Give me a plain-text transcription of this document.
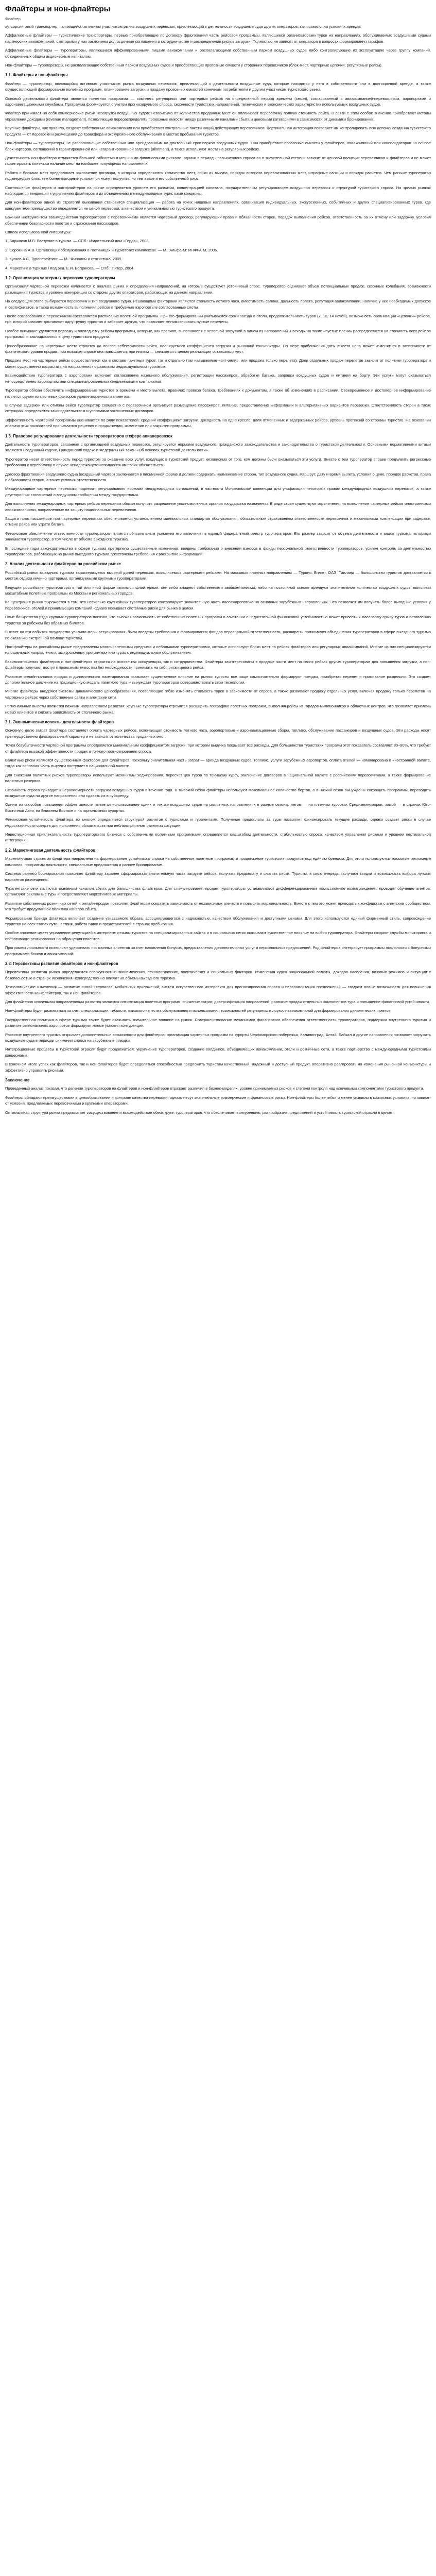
Флайтеры и нон-флайтеры
Флайтер

аутсорсинговый транспортер, являющийся активным участником рынка воздушных перевозок, привлекающий к деятельности воздушные суда других операторов, как правило, на условиях аренды.

Аффилиатные флайтеры — туристические транспортеры, первые приобретающие по договору фрахтования часть рейсовой программы, являющиеся организаторами туров на направлениях, обслуживаемых воздушными судами партнерских авиакомпаний, с которыми у них заключены долгосрочные соглашения о сотрудничестве и распределении рисков загрузки. Полностью не зависят от оператора в вопросах формирования тарифов.

Аффилиатные флайтеры — туроператоры, являющиеся аффилированными лицами авиакомпании и располагающими собственным парком воздушных судов либо контролирующие их эксплуатацию через группу компаний, объединенных общим акционерным капиталом.

Нон-флайтеры — туроператоры, не располагающие собственным парком воздушных судов и приобретающие провозные емкости у сторонних перевозчиков (блок-мест, чартерные цепочки, регулярные рейсы).

1.1. Флайтеры и нон-флайтеры

Флайтер — туроператор, являющийся активным участником рынка воздушных перевозок, привлекающий к деятельности воздушные суда, которые находятся у него в собственности или в долгосрочной аренде, а также осуществляющий формирование полетных программ, планирование загрузки и продажу провозных емкостей конечным потребителям и другим участникам туристского рынка.

Основой деятельности флайтера является полетная программа — комплекс регулярных или чартерных рейсов на определенный период времени (сезон), согласованный с авиакомпанией-перевозчиком, аэропортами и аэронавигационными службами. Программа формируется с учетом прогнозируемого спроса, сезонности туристских направлений, технических и экономических характеристик используемых воздушных судов.

Флайтер принимает на себя коммерческие риски незагрузки воздушных судов: независимо от количества проданных мест он оплачивает перевозчику полную стоимость рейса. В связи с этим особое значение приобретают методы управления доходами (revenue management), позволяющие перераспределять провозные емкости между различными каналами сбыта и ценовыми категориями в зависимости от динамики бронирований.

Крупные флайтеры, как правило, создают собственные авиакомпании или приобретают контрольные пакеты акций действующих перевозчиков. Вертикальная интеграция позволяет им контролировать всю цепочку создания туристского продукта — от перевозки и размещения до трансфера и экскурсионного обслуживания в местах пребывания туристов.

Нон-флайтеры — туроператоры, не располагающие собственным или арендованным на длительный срок парком воздушных судов. Они приобретают провозные емкости у флайтеров, авиакомпаний или консолидаторов на основе блок-чартеров, соглашений о гарантированной или негарантированной загрузке (allotment), а также используют места на регулярных рейсах.

Деятельность нон-флайтера отличается большей гибкостью и меньшими финансовыми рисками, однако в периоды повышенного спроса он в значительной степени зависит от ценовой политики перевозчиков и флайтеров и не может гарантировать клиентам наличие мест на наиболее популярных направлениях.

Работа с блоками мест предполагает заключение договора, в котором определяются количество мест, сроки их выкупа, порядок возврата нереализованных мест, штрафные санкции и порядок расчетов. Чем раньше туроператор подтверждает блок, тем более выгодные условия он может получить, но тем выше и его собственный риск.

Соотношение флайтеров и нон-флайтеров на рынке определяется уровнем его развития, концентрацией капитала, государственным регулированием воздушных перевозок и структурой туристского спроса. На зрелых рынках наблюдается тенденция к укрупнению флайтеров и их объединению в международные туристские концерны.

Для нон-флайтеров одной из стратегий выживания становится специализация — работа на узких нишевых направлениях, организация индивидуальных, экскурсионных, событийных и других специализированных туров, где конкурентное преимущество определяется не ценой перевозки, а качеством и уникальностью туристского продукта.

Важным инструментом взаимодействия туроператоров с перевозчиками является чартерный договор, регулирующий права и обязанности сторон, порядок выполнения рейсов, ответственность за их отмену или задержку, условия обеспечения безопасности полетов и страхования пассажиров.

Список использованной литературы:

1. Биржаков М.Б. Введение в туризм. — СПб.: Издательский дом «Герда», 2008.

2. Сорокина А.В. Организация обслуживания в гостиницах и туристских комплексах. — М.: Альфа-М: ИНФРА-М, 2006.

3. Кусков А.С. Туроперейтинг. — М.: Финансы и статистика, 2009.

4. Маркетинг в туризме / под ред. Е.И. Богданова. — СПб.: Питер, 2004.

1.2. Организация чартерных перевозок туроператором

Организация чартерной перевозки начинается с анализа рынка и определения направлений, на которые существует устойчивый спрос. Туроператор оценивает объем потенциальных продаж, сезонные колебания, возможности размещения туристов и уровень конкуренции со стороны других операторов, работающих на данном направлении.

На следующем этапе выбирается перевозчик и тип воздушного судна. Решающими факторами являются стоимость летного часа, вместимость салона, дальность полета, репутация авиакомпании, наличие у нее необходимых допусков и сертификатов, а также возможность выполнения рейсов в требуемые аэропорты в согласованные слоты.

После согласования с перевозчиком составляется расписание полетной программы. При его формировании учитываются сроки заезда в отели, продолжительность туров (7, 10, 14 ночей), возможность организации «цепочки» рейсов, при которой самолет доставляет одну группу туристов и забирает другую, что позволяет минимизировать пустые перелеты.

Особое внимание уделяется первому и последнему рейсам программы, которые, как правило, выполняются с неполной загрузкой в одном из направлений. Расходы на такие «пустые плечи» распределяются на стоимость всех рейсов программы и закладываются в цену туристского продукта.

Ценообразование на чартерные места строится на основе себестоимости рейса, планируемого коэффициента загрузки и рыночной конъюнктуры. По мере приближения даты вылета цена может изменяться в зависимости от фактического уровня продаж: при высоком спросе она повышается, при низком — снижается с целью реализации оставшихся мест.

Продажа мест на чартерные рейсы осуществляется как в составе пакетных туров, так и отдельно (так называемые «сит-онли», или продажа только перелета). Доля отдельных продаж перелетов зависит от политики туроператора и может существенно возрастать на направлениях с развитым индивидуальным туризмом.

Взаимодействие туроператора с аэропортами включает согласование наземного обслуживания, регистрации пассажиров, обработки багажа, заправки воздушных судов и питания на борту. Эти услуги могут оказываться непосредственно аэропортом или специализированными хендлинговыми компаниями.

Туроператор обязан обеспечить информирование туристов о времени и месте вылета, правилах провоза багажа, требованиях к документам, а также об изменениях в расписании. Своевременное и достоверное информирование является одним из ключевых факторов удовлетворенности клиентов.

В случае задержки или отмены рейса туроператор совместно с перевозчиком организует размещение пассажиров, питание, предоставление информации и альтернативных вариантов перевозки. Ответственность сторон в таких ситуациях определяется законодательством и условиями заключенных договоров.

Эффективность чартерной программы оценивается по ряду показателей: средний коэффициент загрузки, доходность на одно кресло, доля отмененных и задержанных рейсов, уровень претензий со стороны туристов. На основании анализа этих показателей принимаются решения о продолжении, изменении или закрытии программы.

1.3. Правовое регулирование деятельности туроператоров в сфере авиаперевозок

Деятельность туроператоров, связанная с организацией воздушных перевозок, регулируется нормами воздушного, гражданского законодательства и законодательства о туристской деятельности. Основными нормативными актами являются Воздушный кодекс, Гражданский кодекс и Федеральный закон «Об основах туристской деятельности».

Туроператор несет ответственность перед туристом за оказание всех услуг, входящих в туристский продукт, независимо от того, кем должны были оказываться эти услуги. Вместе с тем туроператор вправе предъявить регрессные требования к перевозчику в случае ненадлежащего исполнения им своих обязательств.

Договор фрахтования воздушного судна (воздушный чартер) заключается в письменной форме и должен содержать наименование сторон, тип воздушного судна, маршрут, дату и время вылета, условия о цене, порядок расчетов, права и обязанности сторон, а также условия ответственности.

Международные чартерные перевозки подлежат регулированию нормами международных соглашений, в частности Монреальской конвенции для унификации некоторых правил международных воздушных перевозок, а также двусторонних соглашений о воздушном сообщении между государствами.

Для выполнения международных чартерных рейсов перевозчик обязан получить разрешение уполномоченных органов государства назначения. В ряде стран существуют ограничения на выполнение чартерных рейсов иностранными авиакомпаниями, направленные на защиту национальных перевозчиков.

Защита прав пассажиров при чартерных перевозках обеспечивается установлением минимальных стандартов обслуживания, обязательным страхованием ответственности перевозчика и механизмами компенсации при задержке, отмене рейса или утрате багажа.

Финансовое обеспечение ответственности туроператора является обязательным условием его включения в единый федеральный реестр туроператоров. Его размер зависит от объема деятельности и видов туризма, которыми занимается туроператор, в том числе от объема выездного туризма.

В последние годы законодательство в сфере туризма претерпело существенные изменения: введены требования о внесении взносов в фонды персональной ответственности туроператоров, усилен контроль за деятельностью туроператоров, работающих на рынке выездного туризма, ужесточены требования к раскрытию информации.

2. Анализ деятельности флайтеров на российском рынке

Российский рынок выездного туризма характеризуется высокой долей перевозок, выполняемых чартерными рейсами. На массовых пляжных направлениях — Турция, Египет, ОАЭ, Таиланд — большинство туристов доставляется к местам отдыха именно чартерами, организуемыми крупными туроператорами.

Ведущие российские туроператоры в той или иной форме являются флайтерами: они либо владеют собственными авиакомпаниями, либо на постоянной основе арендуют значительное количество воздушных судов, выполняя масштабные полетные программы из Москвы и региональных городов.

Концентрация рынка выражается в том, что несколько крупнейших туроператоров контролируют значительную часть пассажиропотока на основных зарубежных направлениях. Это позволяет им получать более выгодные условия у перевозчиков, отелей и принимающих компаний, однако повышает системные риски для рынка в целом.

Опыт банкротства ряда крупных туроператоров показал, что высокая зависимость от собственных полетных программ в сочетании с недостаточной финансовой устойчивостью может привести к массовому срыву туров и оставлению туристов за рубежом без обратных билетов.

В ответ на эти события государство усилило меры регулирования: были введены требования о формировании фондов персональной ответственности, расширены полномочия объединения туроператоров в сфере выездного туризма по оказанию экстренной помощи туристам.

Нон-флайтеры на российском рынке представлены многочисленными средними и небольшими туроператорами, которые используют блоки мест на рейсах флайтеров или регулярных авиакомпаний. Многие из них специализируются на отдельных направлениях, экскурсионных программах или турах с индивидуальным обслуживанием.

Взаимоотношения флайтеров и нон-флайтеров строятся на основе как конкуренции, так и сотрудничества. Флайтеры заинтересованы в продаже части мест на своих рейсах другим туроператорам для повышения загрузки, а нон-флайтеры получают доступ к провозным емкостям без необходимости принимать на себя риски целого рейса.

Развитие онлайн-каналов продаж и динамического пакетирования оказывает существенное влияние на рынок: туристы все чаще самостоятельно формируют поездки, приобретая перелет и проживание раздельно. Это создает дополнительное давление на традиционную модель пакетного тура и вынуждает туроператоров совершенствовать свои технологии.

Многие флайтеры внедряют системы динамического ценообразования, позволяющие гибко изменять стоимость туров в зависимости от спроса, а также развивают продажу отдельных услуг, включая продажу только перелетов на чартерных рейсах через собственные сайты и агентские сети.

Региональные вылеты являются важным направлением развития: крупные туроператоры стремятся расширить географию полетных программ, выполняя рейсы из городов-миллионников и областных центров, что позволяет привлечь новых клиентов и снизить зависимость от столичного рынка.

2.1. Экономические аспекты деятельности флайтеров

Основную долю затрат флайтера составляет оплата чартерных рейсов, включающая стоимость летного часа, аэропортовые и аэронавигационные сборы, топливо, обслуживание пассажиров и воздушных судов. Эти расходы носят преимущественно фиксированный характер и не зависят от количества проданных мест.

Точка безубыточности чартерной программы определяется минимальным коэффициентом загрузки, при котором выручка покрывает все расходы. Для большинства туристских программ этот показатель составляет 80–90%, что требует от флайтера высокой эффективности продаж и точного прогнозирования спроса.

Валютные риски являются существенным фактором для флайтеров, поскольку значительная часть затрат — аренда воздушных судов, топливо, услуги зарубежных аэропортов, оплата отелей — номинирована в иностранной валюте, тогда как основная часть выручки поступает в национальной валюте.

Для снижения валютных рисков туроператоры используют механизмы хеджирования, пересчет цен туров по текущему курсу, заключение договоров в национальной валюте с российскими перевозчиками, а также формирование валютных резервов.

Сезонность спроса приводит к неравномерности загрузки воздушных судов в течение года. В высокий сезон флайтеры используют максимальное количество бортов, а в низкий сезон вынуждены сокращать программы, переводить воздушные суда на другие направления или сдавать их в субаренду.

Одним из способов повышения эффективности является использование одних и тех же воздушных судов на различных направлениях в разные сезоны: летом — на пляжных курортах Средиземноморья, зимой — в странах Юго-Восточной Азии, на Ближнем Востоке и на горнолыжных курортах.

Финансовая устойчивость флайтера во многом определяется структурой расчетов с туристами и турагентами. Получение предоплаты за туры позволяет финансировать текущие расходы, однако создает риски в случае недостаточности средств для исполнения обязательств при неблагоприятном развитии ситуации.

Инвестиционная привлекательность туроператорского бизнеса с собственными полетными программами определяется масштабом деятельности, стабильностью спроса, качеством управления рисками и уровнем вертикальной интеграции.

2.2. Маркетинговая деятельность флайтеров

Маркетинговая стратегия флайтера направлена на формирование устойчивого спроса на собственные полетные программы и продвижение туристских продуктов под единым брендом. Для этого используются массовые рекламные кампании, программы лояльности, специальные предложения и раннее бронирование.

Система раннего бронирования позволяет флайтеру заранее сформировать значительную часть загрузки рейсов, получить предоплату и снизить риски. Туристы, в свою очередь, получают скидки и возможность выбора лучших вариантов размещения.

Турагентские сети являются основным каналом сбыта для большинства флайтеров. Для стимулирования продаж туроператоры устанавливают дифференцированные комиссионные вознаграждения, проводят обучение агентов, организуют рекламные туры и предоставляют маркетинговые материалы.

Развитие собственных розничных сетей и онлайн-продаж позволяет флайтерам сократить зависимость от независимых агентств и повысить маржинальность. Вместе с тем это может приводить к конфликтам с агентским сообществом, что требует продуманной политики каналов сбыта.

Формирование бренда флайтера включает создание узнаваемого образа, ассоциирующегося с надежностью, качеством обслуживания и доступными ценами. Для этого используются единый фирменный стиль, сопровождение туристов на всех этапах путешествия, работа гидов и представителей в странах пребывания.

Особое значение имеет управление репутацией в интернете: отзывы туристов на специализированных сайтах и в социальных сетях оказывают существенное влияние на выбор туроператора. Флайтеры создают службы мониторинга и оперативного реагирования на обращения клиентов.

Программы лояльности позволяют удерживать постоянных клиентов за счет накопления бонусов, предоставления дополнительных услуг и персональных предложений. Ряд флайтеров интегрирует программы лояльности с бонусными программами банков и авиакомпаний.

2.3. Перспективы развития флайтеров и нон-флайтеров

Перспективы развития рынка определяются совокупностью экономических, технологических, политических и социальных факторов. Изменения курса национальной валюты, доходов населения, визовых режимов и ситуации с безопасностью в странах назначения непосредственно влияют на объемы выездного туризма.

Технологические изменения — развитие онлайн-сервисов, мобильных приложений, систем искусственного интеллекта для прогнозирования спроса и персонализации предложений — создают новые возможности для повышения эффективности как флайтеров, так и нон-флайтеров.

Для флайтеров ключевыми направлениями развития являются оптимизация полетных программ, снижение затрат, диверсификация направлений, развитие продаж отдельных компонентов тура и повышение финансовой устойчивости.

Нон-флайтеры будут развиваться за счет специализации, гибкости, высокого качества обслуживания и использования возможностей регулярных и лоукост-авиакомпаний для формирования динамических пакетов.

Государственная политика в сфере туризма также будет оказывать значительное влияние на рынок. Совершенствование механизмов финансового обеспечения ответственности туроператоров, поддержка внутреннего туризма и развитие региональных аэропортов формируют новые условия конкуренции.

Развитие внутреннего туризма открывает дополнительные возможности для флайтеров: организация чартерных программ на курорты Черноморского побережья, Калининград, Алтай, Байкал и другие направления позволяет загружать воздушные суда в периоды снижения спроса на зарубежные поездки.

Интеграционные процессы в туристской отрасли будут продолжаться: укрупнение туроператоров, создание холдингов, объединяющих авиакомпании, отели и розничные сети, а также партнерство с международными туристскими концернами.

В конечном итоге успех как флайтеров, так и нон-флайтеров будет определяться способностью предложить туристам качественный, надежный и доступный продукт, оперативно реагировать на изменения рыночной конъюнктуры и эффективно управлять рисками.

Заключение

Проведенный анализ показал, что деление туроператоров на флайтеров и нон-флайтеров отражает различия в бизнес-моделях, уровне принимаемых рисков и степени контроля над ключевыми компонентами туристского продукта.

Флайтеры обладают преимуществами в ценообразовании и контроле качества перевозки, однако несут значительные коммерческие и финансовые риски. Нон-флайтеры более гибки и менее уязвимы в кризисных условиях, но зависят от условий, предлагаемых перевозчиками и крупными операторами.

Оптимальная структура рынка предполагает сосуществование и взаимодействие обеих групп туроператоров, что обеспечивает конкуренцию, разнообразие предложений и устойчивость туристской отрасли в целом.
